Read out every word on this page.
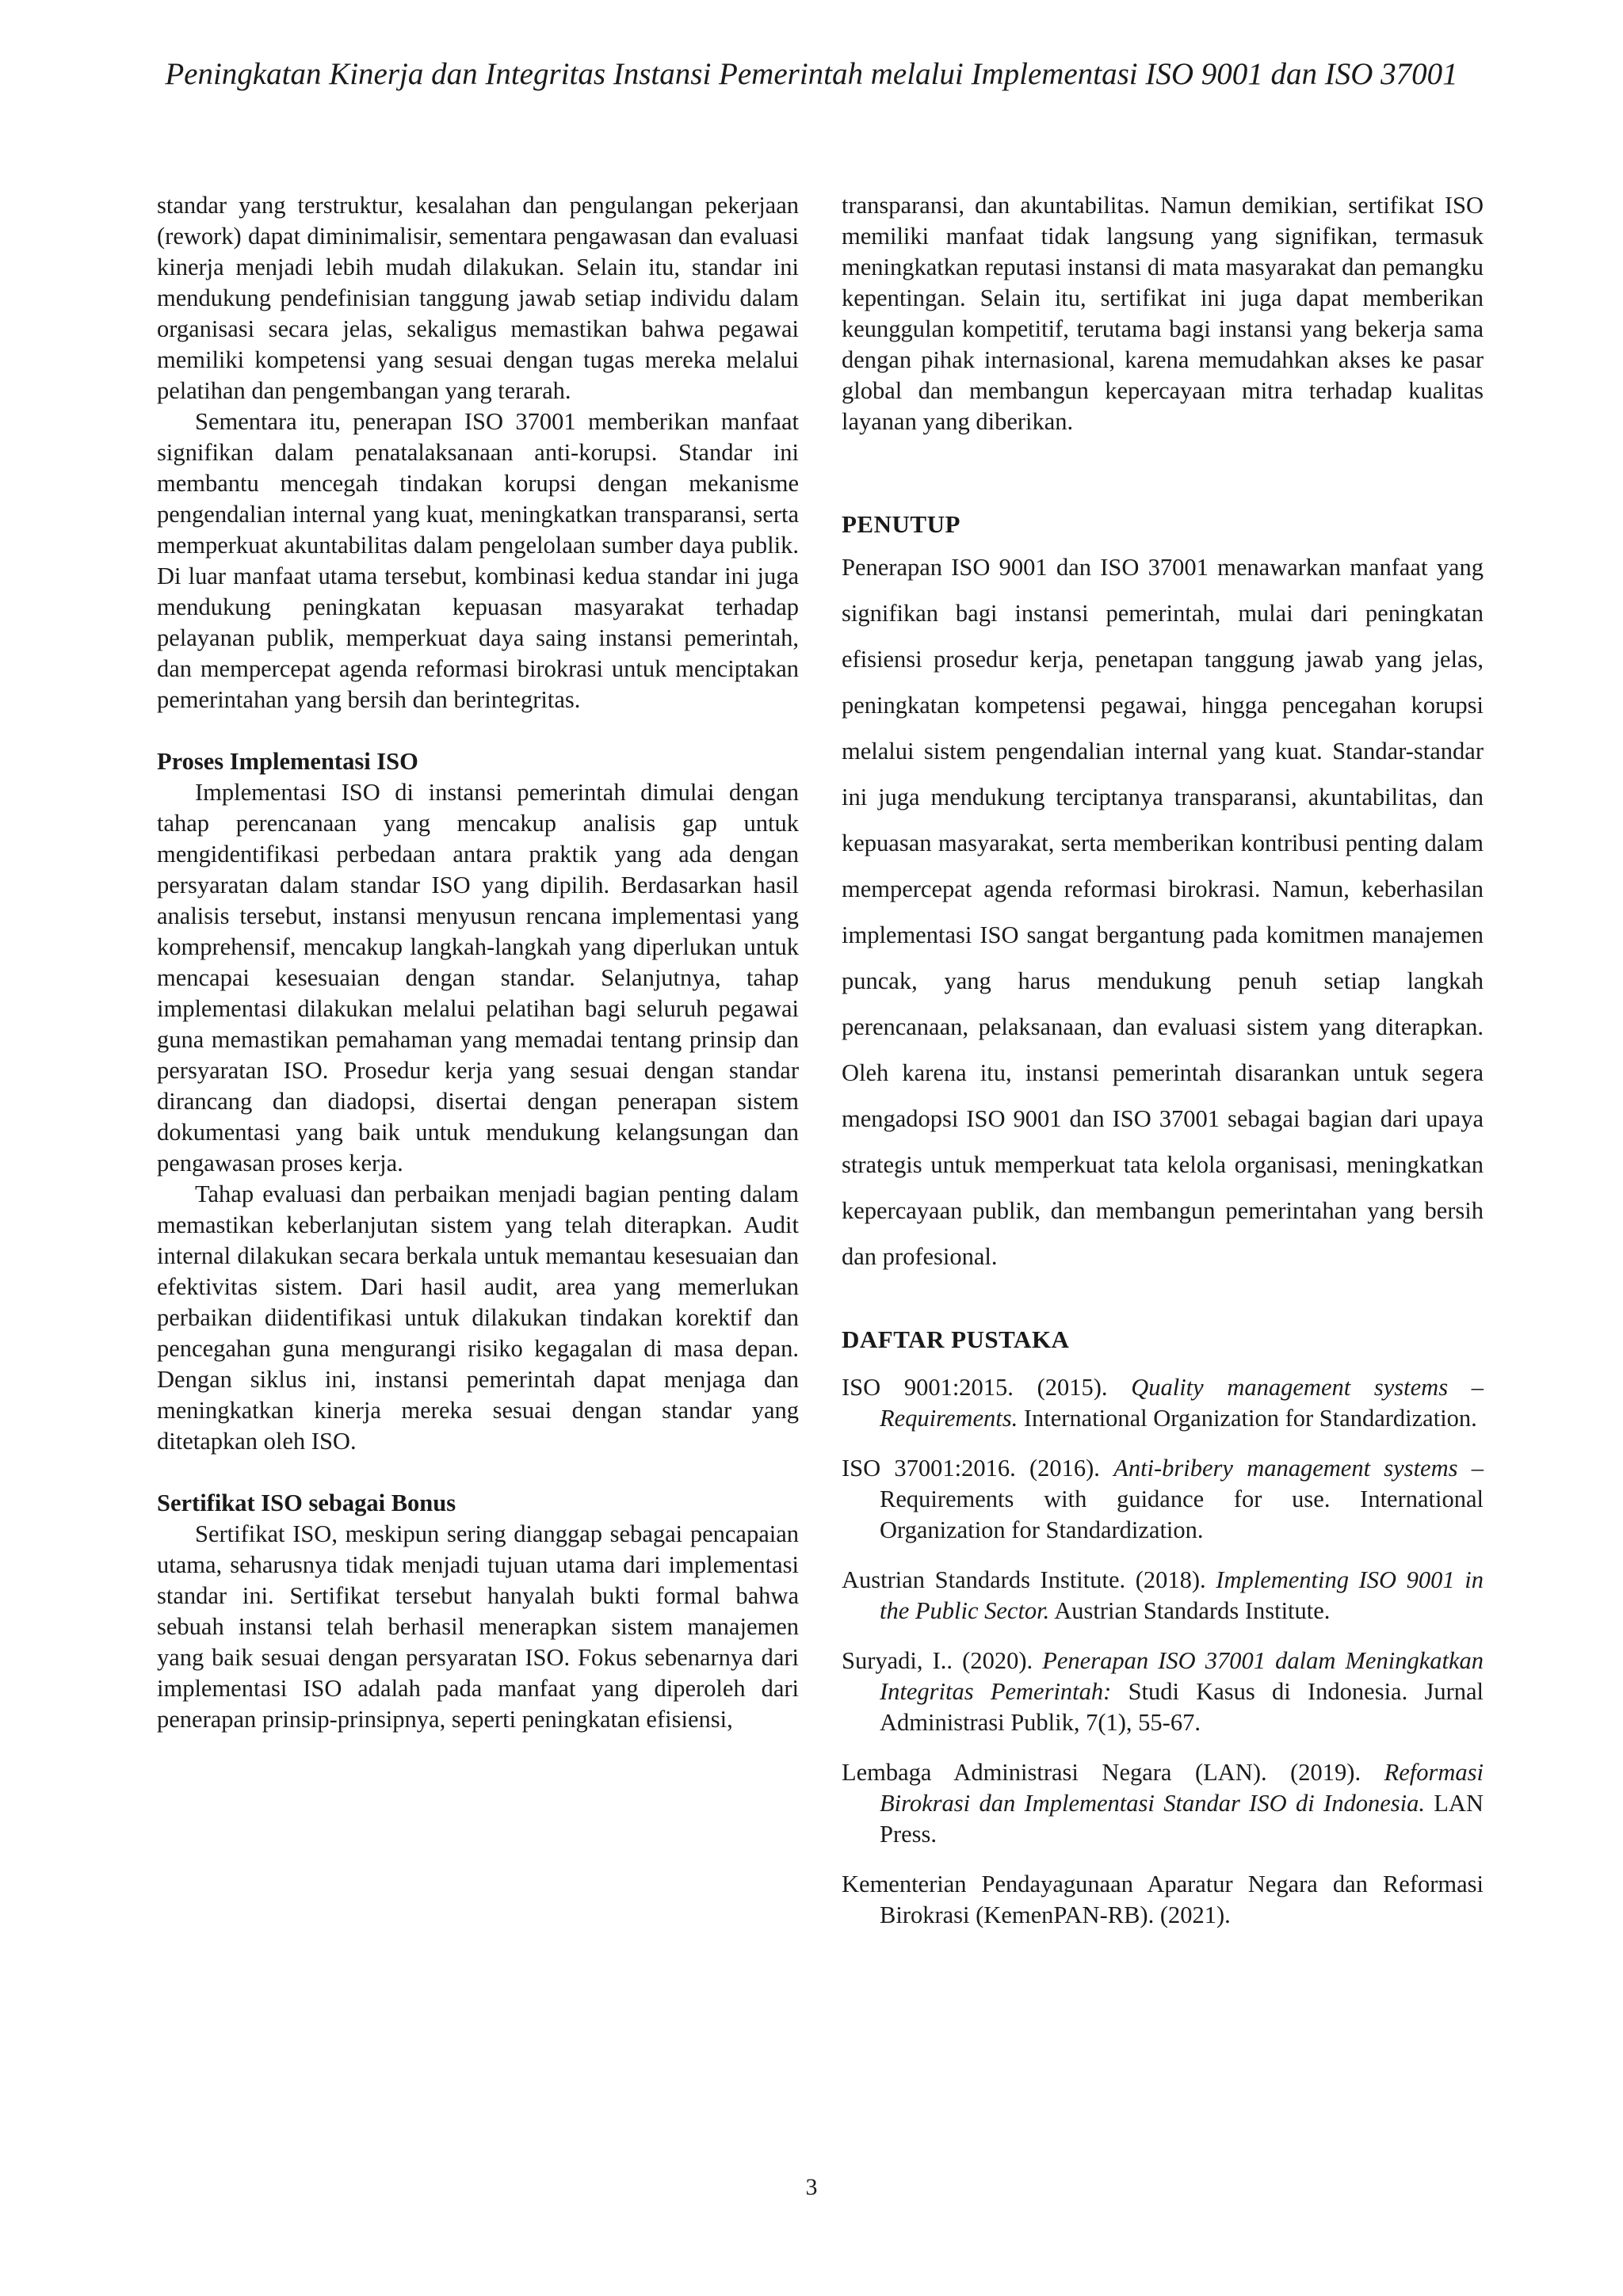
Peningkatan Kinerja dan Integritas Instansi Pemerintah melalui Implementasi ISO 9001 dan ISO 37001

standar yang terstruktur, kesalahan dan pengulangan pekerjaan (rework) dapat diminimalisir, sementara pengawasan dan evaluasi kinerja menjadi lebih mudah dilakukan. Selain itu, standar ini mendukung pendefinisian tanggung jawab setiap individu dalam organisasi secara jelas, sekaligus memastikan bahwa pegawai memiliki kompetensi yang sesuai dengan tugas mereka melalui pelatihan dan pengembangan yang terarah.

Sementara itu, penerapan ISO 37001 memberikan manfaat signifikan dalam penatalaksanaan anti-korupsi. Standar ini membantu mencegah tindakan korupsi dengan mekanisme pengendalian internal yang kuat, meningkatkan transparansi, serta memperkuat akuntabilitas dalam pengelolaan sumber daya publik. Di luar manfaat utama tersebut, kombinasi kedua standar ini juga mendukung peningkatan kepuasan masyarakat terhadap pelayanan publik, memperkuat daya saing instansi pemerintah, dan mempercepat agenda reformasi birokrasi untuk menciptakan pemerintahan yang bersih dan berintegritas.

Proses Implementasi ISO

Implementasi ISO di instansi pemerintah dimulai dengan tahap perencanaan yang mencakup analisis gap untuk mengidentifikasi perbedaan antara praktik yang ada dengan persyaratan dalam standar ISO yang dipilih. Berdasarkan hasil analisis tersebut, instansi menyusun rencana implementasi yang komprehensif, mencakup langkah-langkah yang diperlukan untuk mencapai kesesuaian dengan standar. Selanjutnya, tahap implementasi dilakukan melalui pelatihan bagi seluruh pegawai guna memastikan pemahaman yang memadai tentang prinsip dan persyaratan ISO. Prosedur kerja yang sesuai dengan standar dirancang dan diadopsi, disertai dengan penerapan sistem dokumentasi yang baik untuk mendukung kelangsungan dan pengawasan proses kerja.

Tahap evaluasi dan perbaikan menjadi bagian penting dalam memastikan keberlanjutan sistem yang telah diterapkan. Audit internal dilakukan secara berkala untuk memantau kesesuaian dan efektivitas sistem. Dari hasil audit, area yang memerlukan perbaikan diidentifikasi untuk dilakukan tindakan korektif dan pencegahan guna mengurangi risiko kegagalan di masa depan. Dengan siklus ini, instansi pemerintah dapat menjaga dan meningkatkan kinerja mereka sesuai dengan standar yang ditetapkan oleh ISO.

Sertifikat ISO sebagai Bonus

Sertifikat ISO, meskipun sering dianggap sebagai pencapaian utama, seharusnya tidak menjadi tujuan utama dari implementasi standar ini. Sertifikat tersebut hanyalah bukti formal bahwa sebuah instansi telah berhasil menerapkan sistem manajemen yang baik sesuai dengan persyaratan ISO. Fokus sebenarnya dari implementasi ISO adalah pada manfaat yang diperoleh dari penerapan prinsip-prinsipnya, seperti peningkatan efisiensi,

transparansi, dan akuntabilitas. Namun demikian, sertifikat ISO memiliki manfaat tidak langsung yang signifikan, termasuk meningkatkan reputasi instansi di mata masyarakat dan pemangku kepentingan. Selain itu, sertifikat ini juga dapat memberikan keunggulan kompetitif, terutama bagi instansi yang bekerja sama dengan pihak internasional, karena memudahkan akses ke pasar global dan membangun kepercayaan mitra terhadap kualitas layanan yang diberikan.

PENUTUP

Penerapan ISO 9001 dan ISO 37001 menawarkan manfaat yang signifikan bagi instansi pemerintah, mulai dari peningkatan efisiensi prosedur kerja, penetapan tanggung jawab yang jelas, peningkatan kompetensi pegawai, hingga pencegahan korupsi melalui sistem pengendalian internal yang kuat. Standar-standar ini juga mendukung terciptanya transparansi, akuntabilitas, dan kepuasan masyarakat, serta memberikan kontribusi penting dalam mempercepat agenda reformasi birokrasi. Namun, keberhasilan implementasi ISO sangat bergantung pada komitmen manajemen puncak, yang harus mendukung penuh setiap langkah perencanaan, pelaksanaan, dan evaluasi sistem yang diterapkan. Oleh karena itu, instansi pemerintah disarankan untuk segera mengadopsi ISO 9001 dan ISO 37001 sebagai bagian dari upaya strategis untuk memperkuat tata kelola organisasi, meningkatkan kepercayaan publik, dan membangun pemerintahan yang bersih dan profesional.

DAFTAR PUSTAKA
ISO 9001:2015. (2015). Quality management systems – Requirements. International Organization for Standardization.
ISO 37001:2016. (2016). Anti-bribery management systems – Requirements with guidance for use. International Organization for Standardization.
Austrian Standards Institute. (2018). Implementing ISO 9001 in the Public Sector. Austrian Standards Institute.
Suryadi, I.. (2020). Penerapan ISO 37001 dalam Meningkatkan Integritas Pemerintah: Studi Kasus di Indonesia. Jurnal Administrasi Publik, 7(1), 55-67.
Lembaga Administrasi Negara (LAN). (2019). Reformasi Birokrasi dan Implementasi Standar ISO di Indonesia. LAN Press.
Kementerian Pendayagunaan Aparatur Negara dan Reformasi Birokrasi (KemenPAN-RB). (2021).
3
